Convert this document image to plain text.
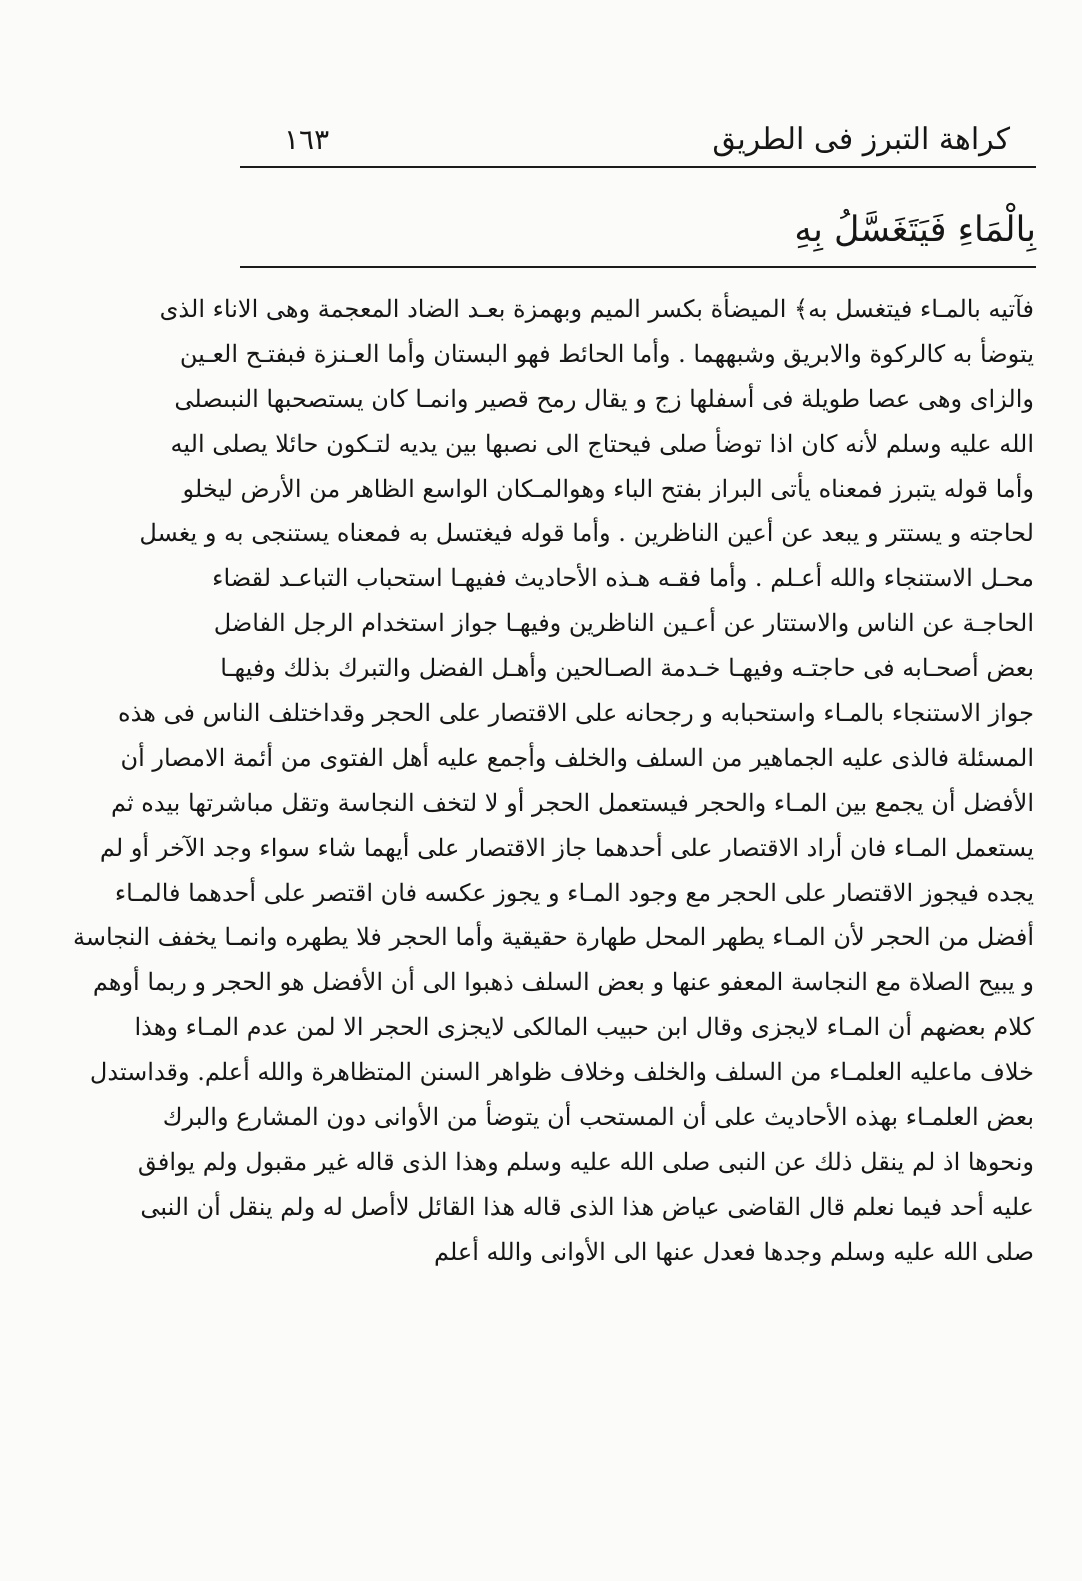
١٦٣	كراهة التبرز فى الطريق
بِالْمَاءِ فَيَتَغَسَّلُ بِهِ
فآتيه بالمـاء فيتغسل به﴾ الميضأة بكسر الميم وبهمزة بعـد الضاد المعجمة وهى الاناء الذى
يتوضأ به كالركوة والابريق وشبههما . وأما الحائط فهو البستان وأما العـنزة فبفتـح العـين
والزاى وهى عصا طويلة فى أسفلها زج و يقال رمح قصير وانمـا كان يستصحبها النبىصلى
الله عليه وسلم لأنه كان اذا توضأ صلى فيحتاج الى نصبها بين يديه لتـكون حائلا يصلى اليه
وأما قوله يتبرز فمعناه يأتى البراز بفتح الباء وهوالمـكان الواسع الظاهر من الأرض ليخلو
لحاجته و يستتر و يبعد عن أعين الناظرين . وأما قوله فيغتسل به فمعناه يستنجى به و يغسل
محـل الاستنجاء والله أعـلم . وأما فقـه هـذه الأحاديث ففيهـا استحباب التباعـد لقضاء
الحاجـة عن الناس والاستتار عن أعـين الناظرين وفيهـا جواز استخدام الرجل الفاضل
بعض أصحـابه فى حاجتـه وفيهـا خـدمة الصـالحين وأهـل الفضل والتبرك بذلك وفيهـا
جواز الاستنجاء بالمـاء واستحبابه و رجحانه على الاقتصار على الحجر وقداختلف الناس فى هذه
المسئلة فالذى عليه الجماهير من السلف والخلف وأجمع عليه أهل الفتوى من أئمة الامصار أن
الأفضل أن يجمع بين المـاء والحجر فيستعمل الحجر أو لا لتخف النجاسة وتقل مباشرتها بيده ثم
يستعمل المـاء فان أراد الاقتصار على أحدهما جاز الاقتصار على أيهما شاء سواء وجد الآخر أو لم
يجده فيجوز الاقتصار على الحجر مع وجود المـاء و يجوز عكسه فان اقتصر على أحدهما فالمـاء
أفضل من الحجر لأن المـاء يطهر المحل طهارة حقيقية وأما الحجر فلا يطهره وانمـا يخفف النجاسة
و يبيح الصلاة مع النجاسة المعفو عنها و بعض السلف ذهبوا الى أن الأفضل هو الحجر و ربما أوهم
كلام بعضهم أن المـاء لايجزى وقال ابن حبيب المالكى لايجزى الحجر الا لمن عدم المـاء وهذا
خلاف ماعليه العلمـاء من السلف والخلف وخلاف ظواهر السنن المتظاهرة والله أعلم. وقداستدل
بعض العلمـاء بهذه الأحاديث على أن المستحب أن يتوضأ من الأوانى دون المشارع والبرك
ونحوها اذ لم ينقل ذلك عن النبى صلى الله عليه وسلم وهذا الذى قاله غير مقبول ولم يوافق
عليه أحد فيما نعلم قال القاضى عياض هذا الذى قاله هذا القائل لاأصل له ولم ينقل أن النبى
صلى الله عليه وسلم وجدها فعدل عنها الى الأوانى والله أعلم
